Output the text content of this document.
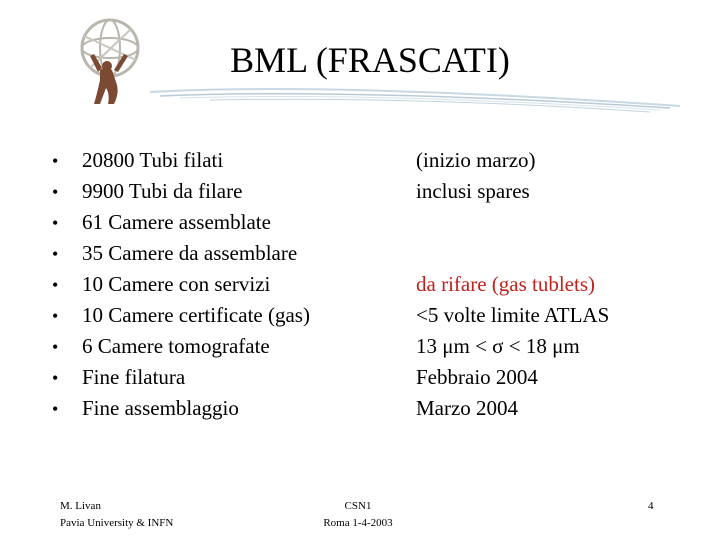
BML (FRASCATI)
• 20800 Tubi filati
• 9900 Tubi da filare
• 61 Camere assemblate
• 35 Camere da assemblare
• 10 Camere con servizi
• 10 Camere certificate (gas)
• 6 Camere tomografate
• Fine filatura
• Fine assemblaggio
(inizio marzo)
inclusi spares
da rifare (gas tublets)
<5 volte limite ATLAS
13 μm < σ < 18 μm
Febbraio 2004
Marzo 2004
M. Livan
Pavia University & INFN
CSN1
Roma 1-4-2003
4
